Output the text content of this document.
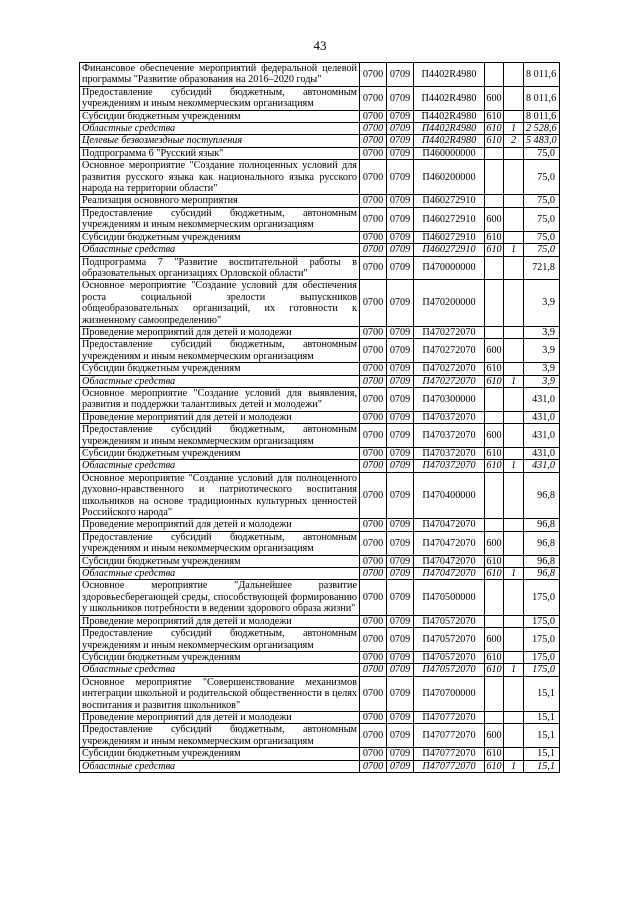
43
Финансовое обеспечение мероприятий федеральной целевой программы "Развитие образования на 2016–2020 годы"	0700	0709	П4402R4980			8 011,6
Предоставление субсидий бюджетным, автономным учреждениям и иным некоммерческим организациям	0700	0709	П4402R4980	600		8 011,6
Субсидии бюджетным учреждениям	0700	0709	П4402R4980	610		8 011,6
Областные средства	0700	0709	П4402R4980	610	1	2 528,6
Целевые безвозмездные поступления	0700	0709	П4402R4980	610	2	5 483,0
Подпрограмма 6 "Русский язык"	0700	0709	П460000000			75,0
Основное мероприятие "Создание полноценных условий для развития русского языка как национального языка русского народа на территории области"	0700	0709	П460200000			75,0
Реализация основного мероприятия	0700	0709	П460272910			75,0
Предоставление субсидий бюджетным, автономным учреждениям и иным некоммерческим организациям	0700	0709	П460272910	600		75,0
Субсидии бюджетным учреждениям	0700	0709	П460272910	610		75,0
Областные средства	0700	0709	П460272910	610	1	75,0
Подпрограмма 7 "Развитие воспитательной работы в образовательных организациях Орловской области"	0700	0709	П470000000			721,8
Основное мероприятие "Создание условий для обеспечения роста социальной зрелости выпускников общеобразовательных организаций, их готовности к жизненному самоопределению"	0700	0709	П470200000			3,9
Проведение мероприятий для детей и молодежи	0700	0709	П470272070			3,9
Предоставление субсидий бюджетным, автономным учреждениям и иным некоммерческим организациям	0700	0709	П470272070	600		3,9
Субсидии бюджетным учреждениям	0700	0709	П470272070	610		3,9
Областные средства	0700	0709	П470272070	610	1	3,9
Основное мероприятие "Создание условий для выявления, развития и поддержки талантливых детей и молодежи"	0700	0709	П470300000			431,0
Проведение мероприятий для детей и молодежи	0700	0709	П470372070			431,0
Предоставление субсидий бюджетным, автономным учреждениям и иным некоммерческим организациям	0700	0709	П470372070	600		431,0
Субсидии бюджетным учреждениям	0700	0709	П470372070	610		431,0
Областные средства	0700	0709	П470372070	610	1	431,0
Основное мероприятие "Создание условий для полноценного духовно-нравственного и патриотического воспитания школьников на основе традиционных культурных ценностей Российского народа"	0700	0709	П470400000			96,8
Проведение мероприятий для детей и молодежи	0700	0709	П470472070			96,8
Предоставление субсидий бюджетным, автономным учреждениям и иным некоммерческим организациям	0700	0709	П470472070	600		96,8
Субсидии бюджетным учреждениям	0700	0709	П470472070	610		96,8
Областные средства	0700	0709	П470472070	610	1	96,8
Основное мероприятие "Дальнейшее развитие здоровьесберегающей среды, способствующей формированию у школьников потребности в ведении здорового образа жизни"	0700	0709	П470500000			175,0
Проведение мероприятий для детей и молодежи	0700	0709	П470572070			175,0
Предоставление субсидий бюджетным, автономным учреждениям и иным некоммерческим организациям	0700	0709	П470572070	600		175,0
Субсидии бюджетным учреждениям	0700	0709	П470572070	610		175,0
Областные средства	0700	0709	П470572070	610	1	175,0
Основное мероприятие "Совершенствование механизмов интеграции школьной и родительской общественности в целях воспитания и развития школьников"	0700	0709	П470700000			15,1
Проведение мероприятий для детей и молодежи	0700	0709	П470772070			15,1
Предоставление субсидий бюджетным, автономным учреждениям и иным некоммерческим организациям	0700	0709	П470772070	600		15,1
Субсидии бюджетным учреждениям	0700	0709	П470772070	610		15,1
Областные средства	0700	0709	П470772070	610	1	15,1
